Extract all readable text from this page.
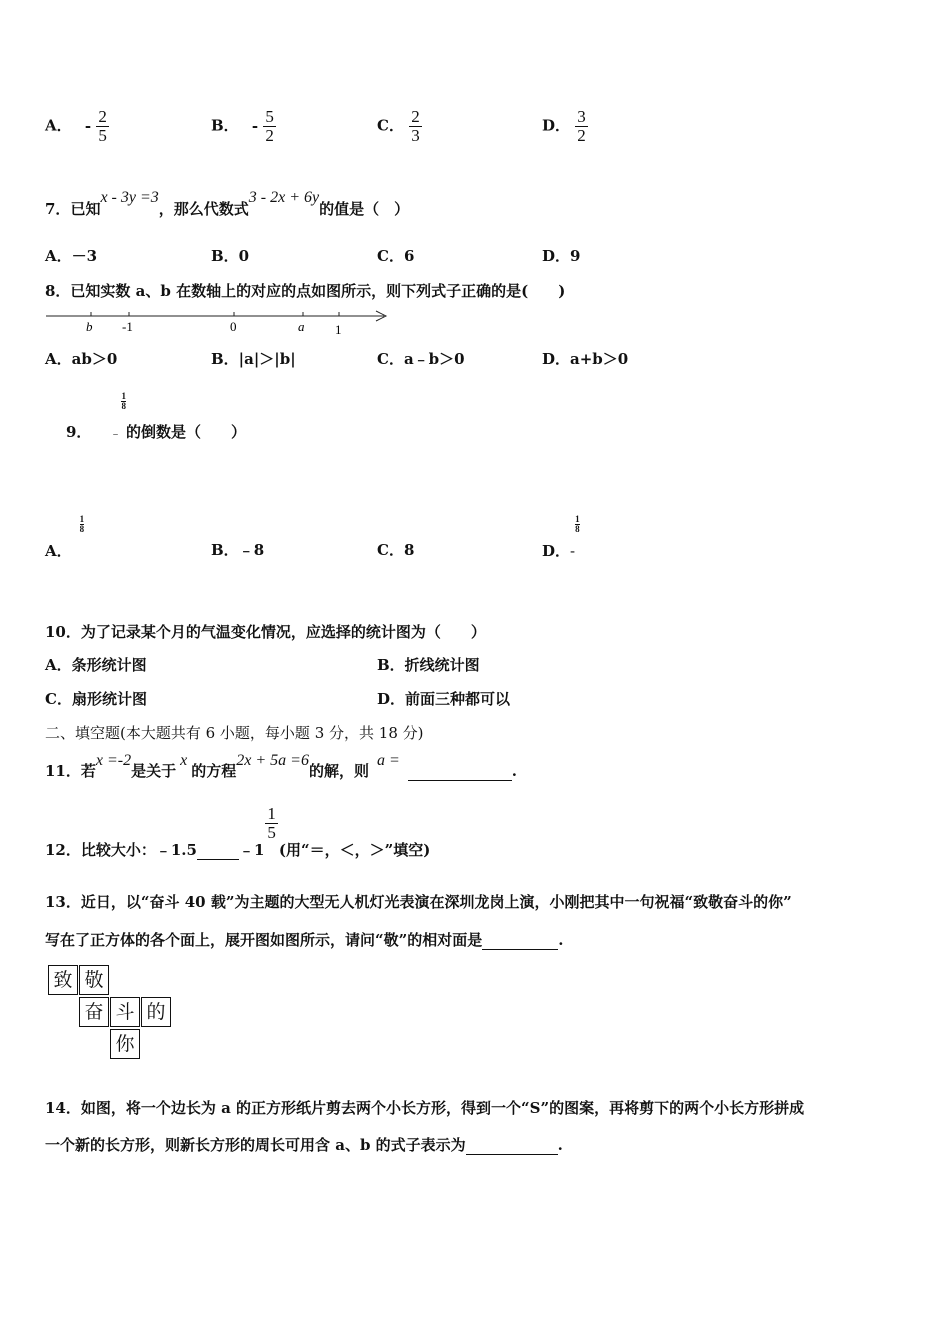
A． - $\frac{2}{5}$	B． - $\frac{5}{2}$	C． $\frac{2}{3}$	D． $\frac{3}{2}$
7．已知x - 3y =3，那么代数式3 - 2x + 6y的值是（　）
A．－3	B．0	C．6	D．9
8．已知实数 a、b 在数轴上的对应的点如图所示，则下列式子正确的是(　　)
b -1	0	a 1
A．ab＞0	B．|a|＞|b|	C．a﹣b＞0	D．a+b＞0
9． ﹣
$\frac{1}{8}$
的倒数是（　　）
A．
$\frac{1}{8}$
B．﹣8	C．8	D．-
$\frac{1}{8}$
10．为了记录某个月的气温变化情况，应选择的统计图为（　　）
A．条形统计图	B．折线统计图
C．扇形统计图	D．前面三种都可以
二、填空题(本大题共有 6 小题，每小题 3 分，共 18 分)
11．若x =-2是关于x的方程2x + 5a =6的解，则a = .
12．比较大小：﹣1.5	﹣1
$\frac{1}{5}$
(用“＝，＜，＞”填空)
13．近日，以“奋斗 40 载”为主题的大型无人机灯光表演在深圳龙岗上演，小刚把其中一句祝福“致敬奋斗的你”
写在了正方体的各个面上，展开图如图所示，请问“敬”的相对面是	.
致 敬
奋 斗 的
你
14．如图，将一个边长为 a 的正方形纸片剪去两个小长方形，得到一个“S”的图案，再将剪下的两个小长方形拼成
一个新的长方形，则新长方形的周长可用含 a、b 的式子表示为	.
